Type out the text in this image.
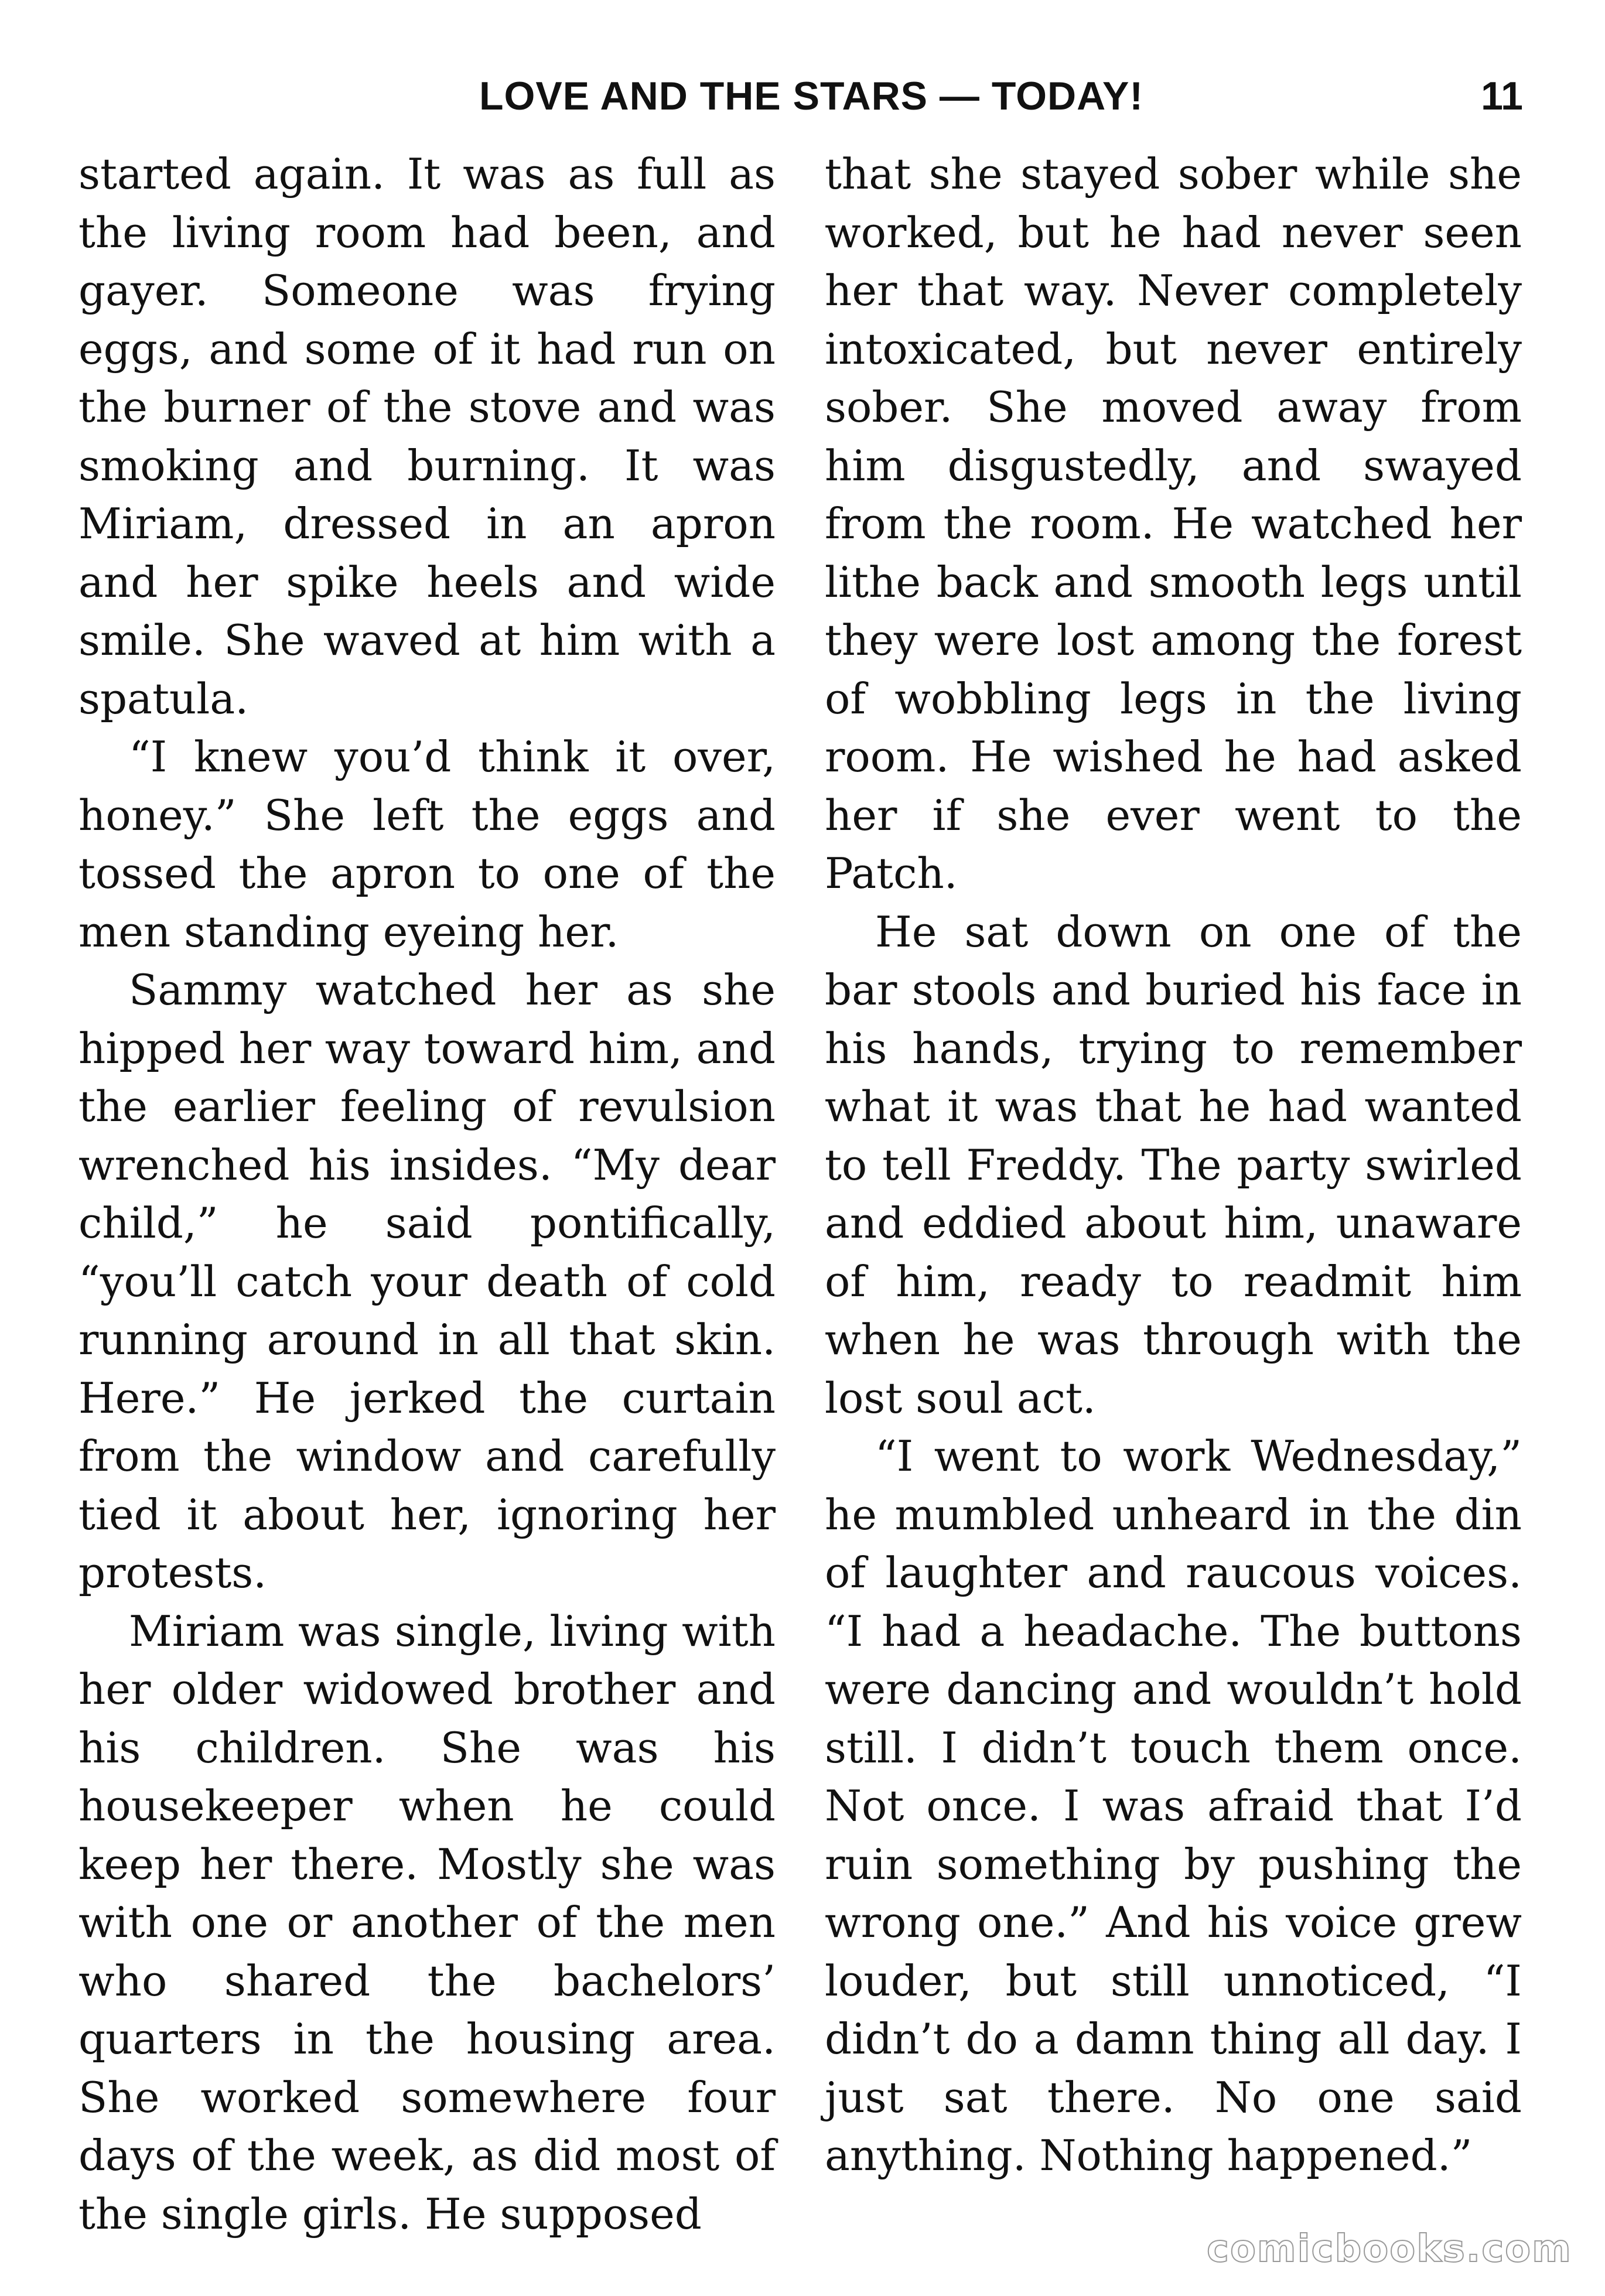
LOVE AND THE STARS — TODAY!	11

started again. It was as full as the living room had been, and gayer. Someone was frying eggs, and some of it had run on the burner of the stove and was smoking and burning. It was Miriam, dressed in an apron and her spike heels and wide smile. She waved at him with a spatula.

“I knew you’d think it over, honey.” She left the eggs and tossed the apron to one of the men standing eyeing her.

Sammy watched her as she hipped her way toward him, and the earlier feeling of revulsion wrenched his insides. “My dear child,” he said pontifically, “you’ll catch your death of cold running around in all that skin. Here.” He jerked the curtain from the window and carefully tied it about her, ignoring her protests.

Miriam was single, living with her older widowed brother and his children. She was his housekeeper when he could keep her there. Mostly she was with one or another of the men who shared the bachelors’ quarters in the housing area. She worked somewhere four days of the week, as did most of the single girls. He supposed

that she stayed sober while she worked, but he had never seen her that way. Never completely intoxicated, but never entirely sober. She moved away from him disgustedly, and swayed from the room. He watched her lithe back and smooth legs until they were lost among the forest of wobbling legs in the living room. He wished he had asked her if she ever went to the Patch.

He sat down on one of the bar stools and buried his face in his hands, trying to remember what it was that he had wanted to tell Freddy. The party swirled and eddied about him, unaware of him, ready to readmit him when he was through with the lost soul act.

“I went to work Wednesday,” he mumbled unheard in the din of laughter and raucous voices. “I had a headache. The buttons were dancing and wouldn’t hold still. I didn’t touch them once. Not once. I was afraid that I’d ruin something by pushing the wrong one.” And his voice grew louder, but still unnoticed, “I didn’t do a damn thing all day. I just sat there. No one said anything. Nothing happened.”

comicbooks.com
